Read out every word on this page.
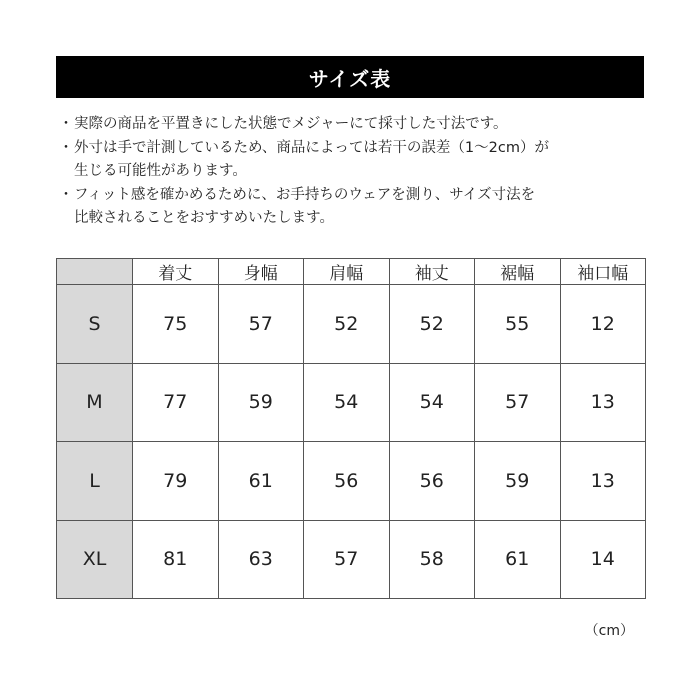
サイズ表
・ 実際の商品を平置きにした状態でメジャーにて採寸した寸法です。
・ 外寸は手で計測しているため、商品によっては若干の誤差（1～2cm）が
生じる可能性があります。
・ フィット感を確かめるために、お手持ちのウェアを測り、サイズ寸法を
比較されることをおすすめいたします。
	着丈	身幅	肩幅	袖丈	裾幅	袖口幅
S	75	57	52	52	55	12
M	77	59	54	54	57	13
L	79	61	56	56	59	13
XL	81	63	57	58	61	14
（cm）
